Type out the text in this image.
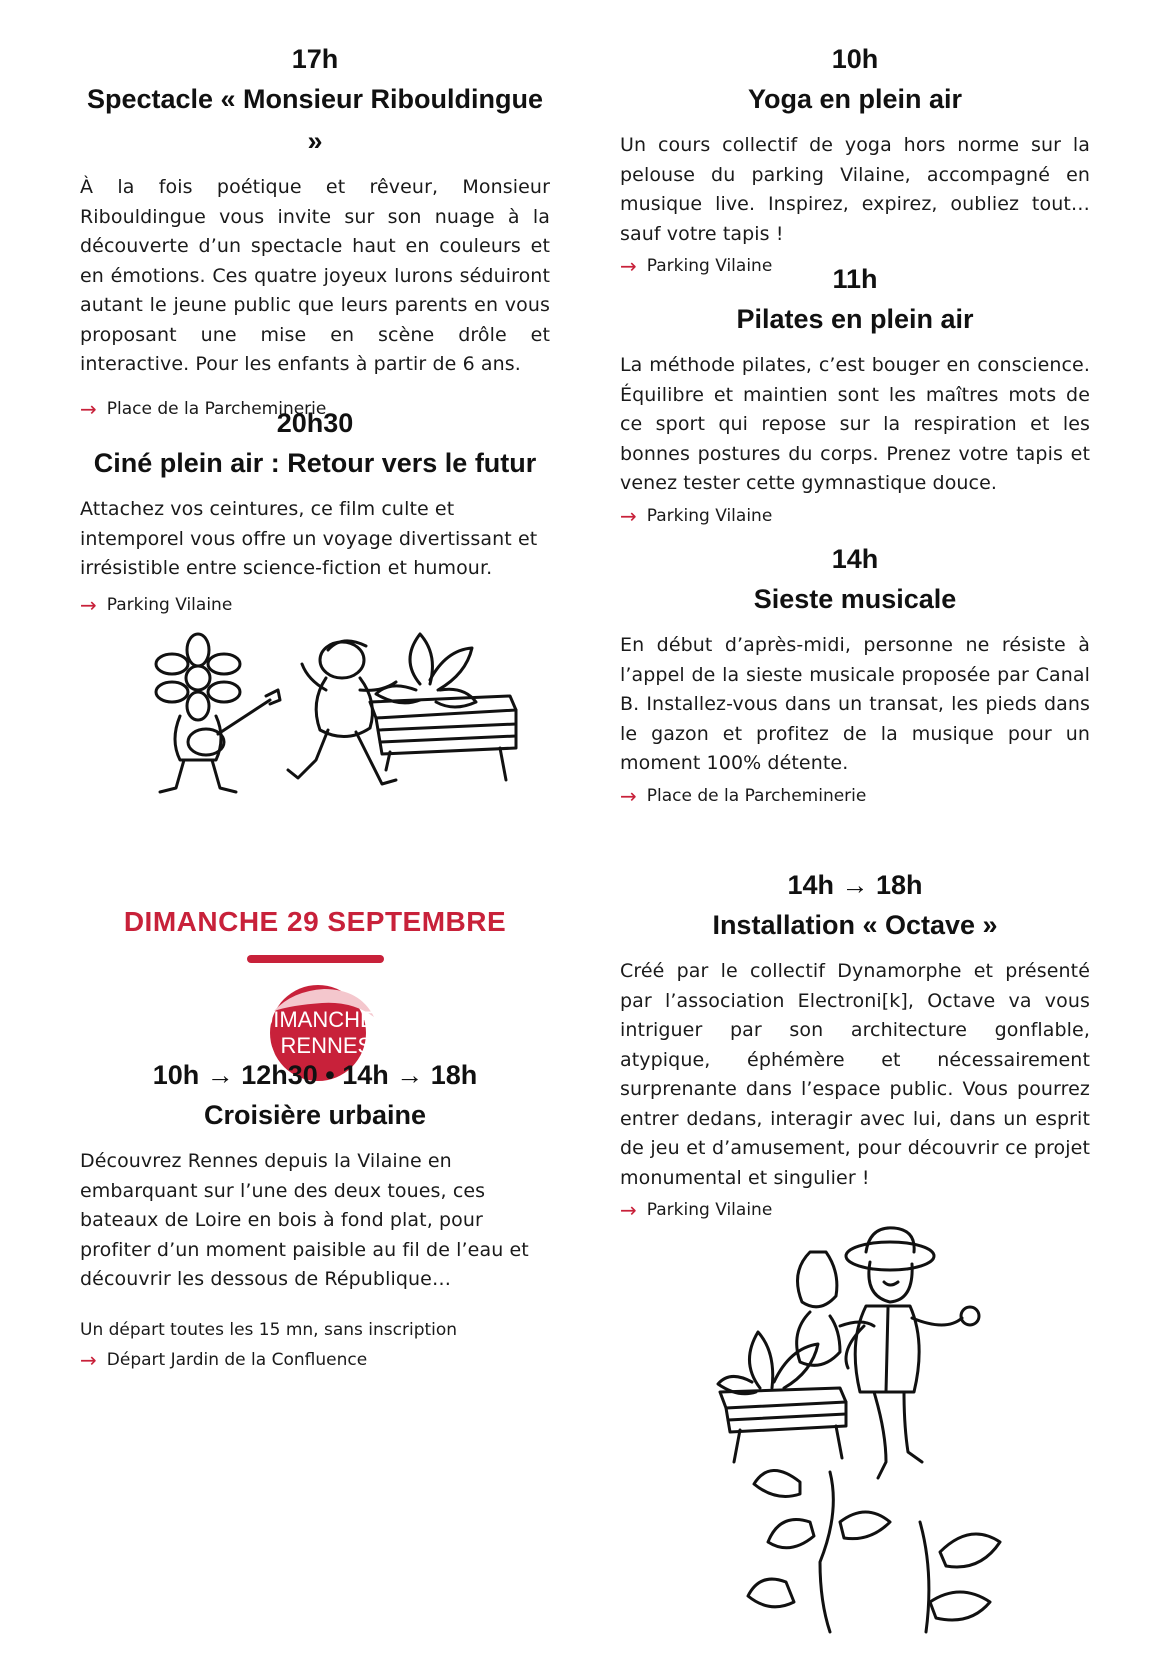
17h

Spectacle « Monsieur Ribouldingue »

À la fois poétique et rêveur, Monsieur Ribouldingue vous invite sur son nuage à la découverte d’un spectacle haut en couleurs et en émotions. Ces quatre joyeux lurons séduiront autant le jeune public que leurs parents en vous proposant une mise en scène drôle et interactive. Pour les enfants à partir de 6 ans.

→ Place de la Parcheminerie

20h30

Ciné plein air : Retour vers le futur

Attachez vos ceintures, ce film culte et intemporel vous offre un voyage divertissant et irrésistible entre science-fiction et humour.

→ Parking Vilaine

DIMANCHE 29 SEPTEMBRE

DIMANCHE
À RENNES

10h → 12h30 • 14h → 18h

Croisière urbaine

Découvrez Rennes depuis la Vilaine en embarquant sur l’une des deux toues, ces bateaux de Loire en bois à fond plat, pour profiter d’un moment paisible au fil de l’eau et découvrir les dessous de République…

Un départ toutes les 15 mn, sans inscription

→ Départ Jardin de la Confluence

10h

Yoga en plein air

Un cours collectif de yoga hors norme sur la pelouse du parking Vilaine, accompagné en musique live. Inspirez, expirez, oubliez tout… sauf votre tapis !

→ Parking Vilaine	11h

Pilates en plein air

La méthode pilates, c’est bouger en conscience. Équilibre et maintien sont les maîtres mots de ce sport qui repose sur la respiration et les bonnes postures du corps. Prenez votre tapis et venez tester cette gymnastique douce.

→ Parking Vilaine

14h

Sieste musicale

En début d’après-midi, personne ne résiste à l’appel de la sieste musicale proposée par Canal B. Installez-vous dans un transat, les pieds dans le gazon et profitez de la musique pour un moment 100% détente.

→ Place de la Parcheminerie

14h → 18h

Installation « Octave »

Créé par le collectif Dynamorphe et présenté par l’association Electroni[k], Octave va vous intriguer par son architecture gonflable, atypique, éphémère et nécessairement surprenante dans l’espace public. Vous pourrez entrer dedans, interagir avec lui, dans un esprit de jeu et d’amusement, pour découvrir ce projet monumental et singulier !

→ Parking Vilaine
